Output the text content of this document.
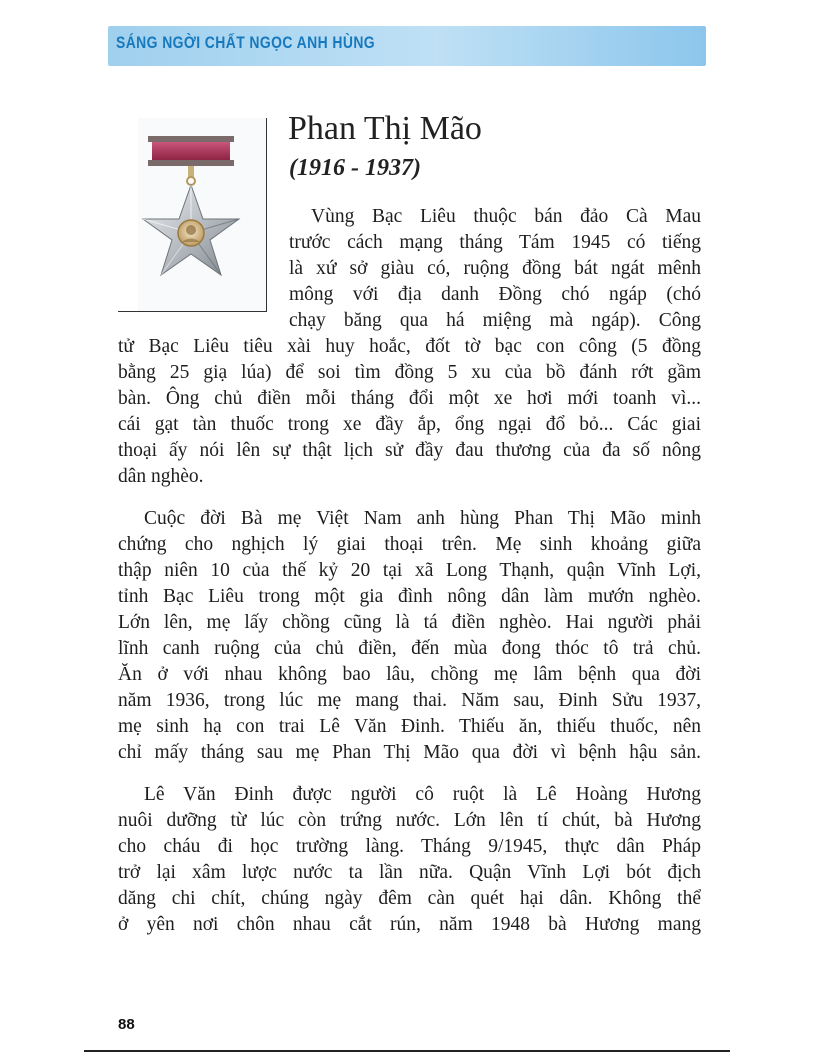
SÁNG NGỜI CHẤT NGỌC ANH HÙNG
Phan Thị Mão
(1916 - 1937)
Vùng Bạc Liêu thuộc bán đảo Cà Mau
trước cách mạng tháng Tám 1945 có tiếng
là xứ sở giàu có, ruộng đồng bát ngát mênh
mông với địa danh Đồng chó ngáp (chó
chạy băng qua há miệng mà ngáp). Công
tử Bạc Liêu tiêu xài huy hoắc, đốt tờ bạc con công (5 đồng
bằng 25 giạ lúa) để soi tìm đồng 5 xu của bồ đánh rớt gầm
bàn. Ông chủ điền mỗi tháng đổi một xe hơi mới toanh vì...
cái gạt tàn thuốc trong xe đầy ắp, ổng ngại đổ bỏ... Các giai
thoại ấy nói lên sự thật lịch sử đầy đau thương của đa số nông
dân nghèo.
Cuộc đời Bà mẹ Việt Nam anh hùng Phan Thị Mão minh
chứng cho nghịch lý giai thoại trên. Mẹ sinh khoảng giữa
thập niên 10 của thế kỷ 20 tại xã Long Thạnh, quận Vĩnh Lợi,
tỉnh Bạc Liêu trong một gia đình nông dân làm mướn nghèo.
Lớn lên, mẹ lấy chồng cũng là tá điền nghèo. Hai người phải
lĩnh canh ruộng của chủ điền, đến mùa đong thóc tô trả chủ.
Ăn ở với nhau không bao lâu, chồng mẹ lâm bệnh qua đời
năm 1936, trong lúc mẹ mang thai. Năm sau, Đinh Sửu 1937,
mẹ sinh hạ con trai Lê Văn Đinh. Thiếu ăn, thiếu thuốc, nên
chỉ mấy tháng sau mẹ Phan Thị Mão qua đời vì bệnh hậu sản.
Lê Văn Đinh được người cô ruột là Lê Hoàng Hương
nuôi dưỡng từ lúc còn trứng nước. Lớn lên tí chút, bà Hương
cho cháu đi học trường làng. Tháng 9/1945, thực dân Pháp
trở lại xâm lược nước ta lần nữa. Quận Vĩnh Lợi bót địch
dăng chi chít, chúng ngày đêm càn quét hại dân. Không thể
ở yên nơi chôn nhau cắt rún, năm 1948 bà Hương mang
88
